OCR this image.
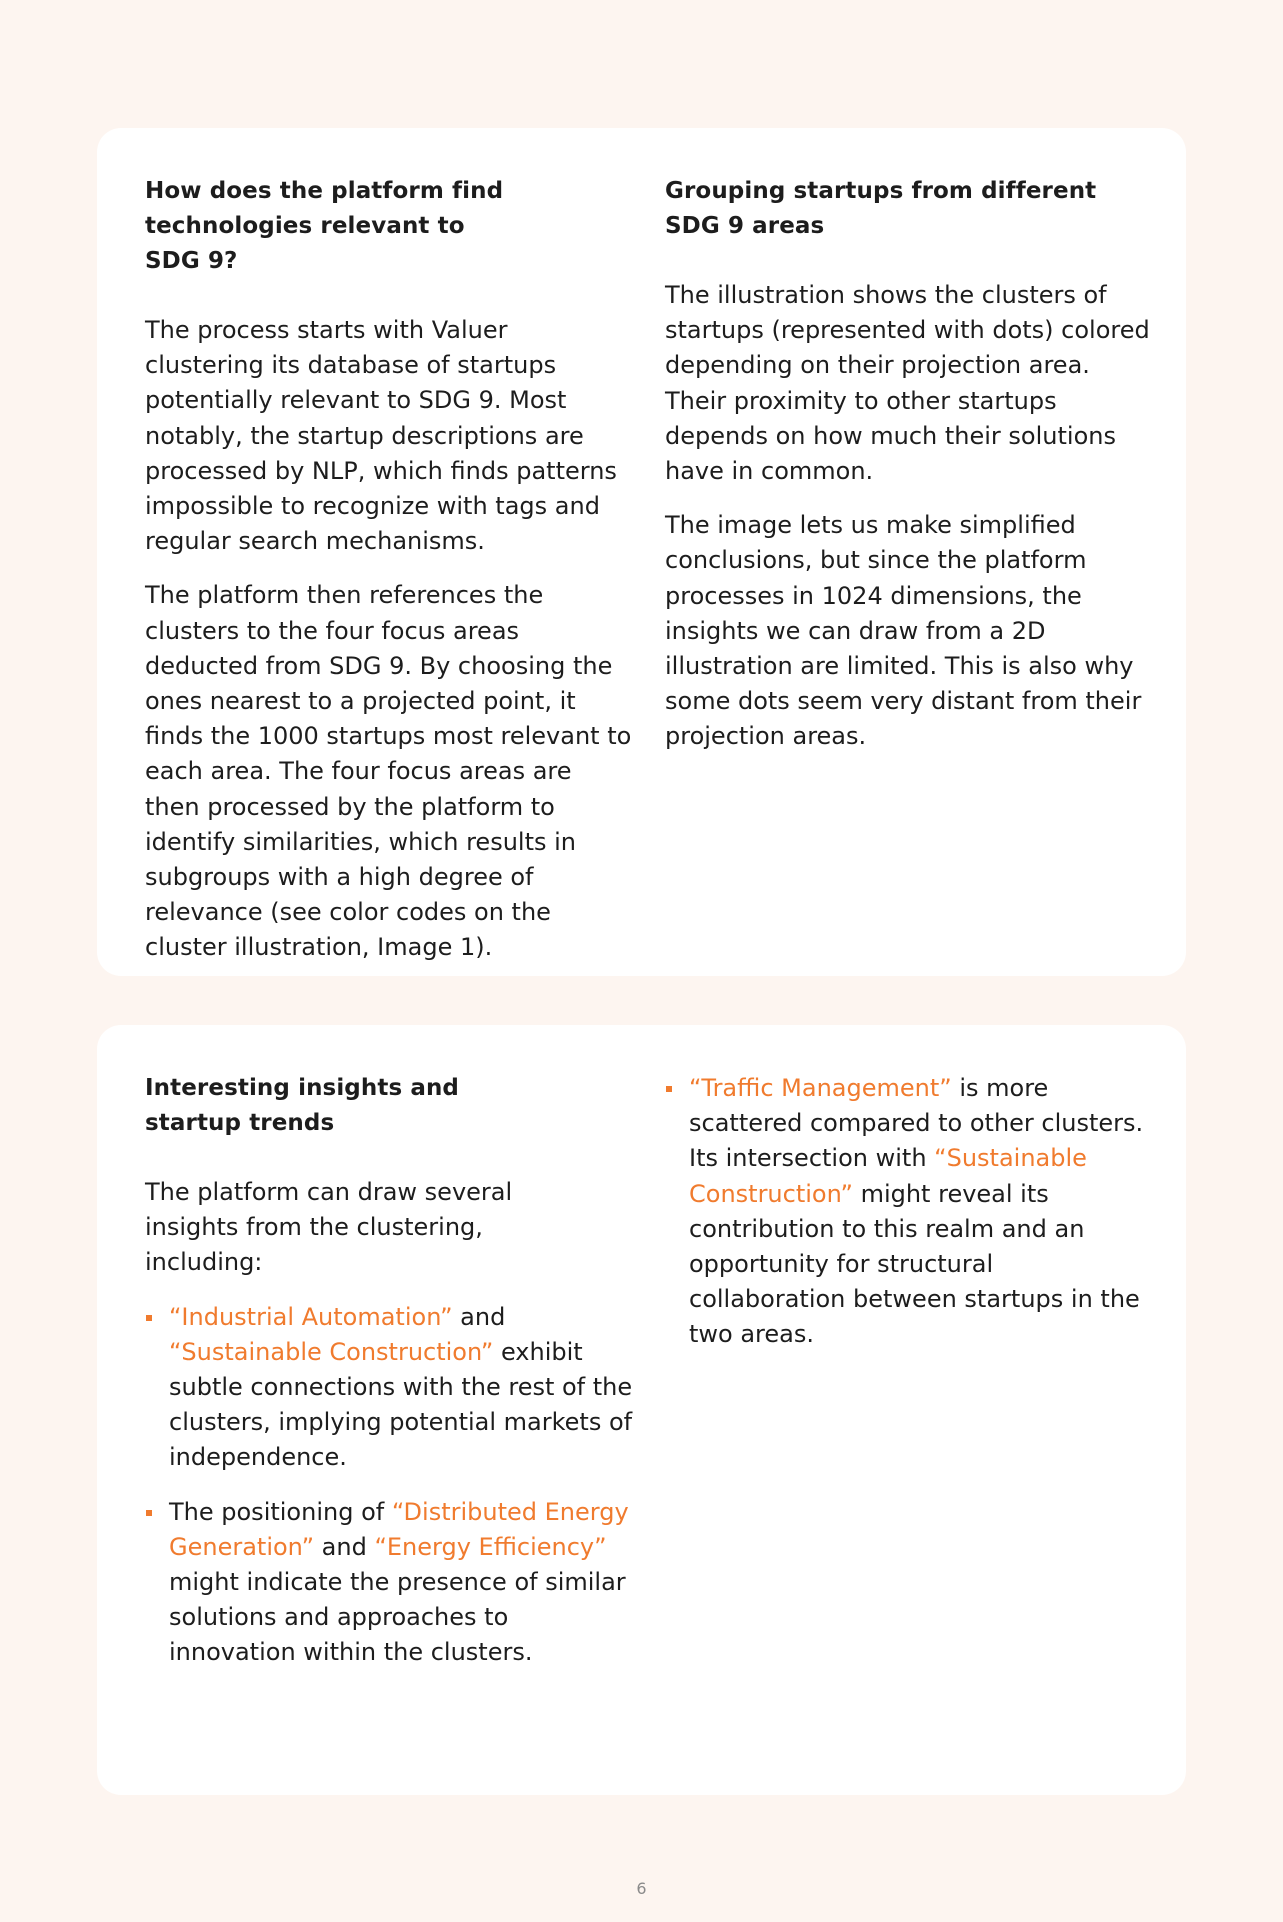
How does the platform find technologies relevant to SDG 9?

The process starts with Valuer clustering its database of startups potentially relevant to SDG 9. Most notably, the startup descriptions are processed by NLP, which finds patterns impossible to recognize with tags and regular search mechanisms.

The platform then references the clusters to the four focus areas deducted from SDG 9. By choosing the ones nearest to a projected point, it finds the 1000 startups most relevant to each area. The four focus areas are then processed by the platform to identify similarities, which results in subgroups with a high degree of relevance (see color codes on the cluster illustration, Image 1).

Grouping startups from different SDG 9 areas

The illustration shows the clusters of startups (represented with dots) colored depending on their projection area. Their proximity to other startups depends on how much their solutions have in common.

The image lets us make simplified conclusions, but since the platform processes in 1024 dimensions, the insights we can draw from a 2D illustration are limited. This is also why some dots seem very distant from their projection areas.

Interesting insights and startup trends

The platform can draw several insights from the clustering, including:

“Industrial Automation” and “Sustainable Construction” exhibit subtle connections with the rest of the clusters, implying potential markets of independence.
The positioning of “Distributed Energy Generation” and “Energy Efficiency” might indicate the presence of similar solutions and approaches to innovation within the clusters.
“Traffic Management” is more scattered compared to other clusters. Its intersection with “Sustainable Construction” might reveal its contribution to this realm and an opportunity for structural collaboration between startups in the two areas.
6
